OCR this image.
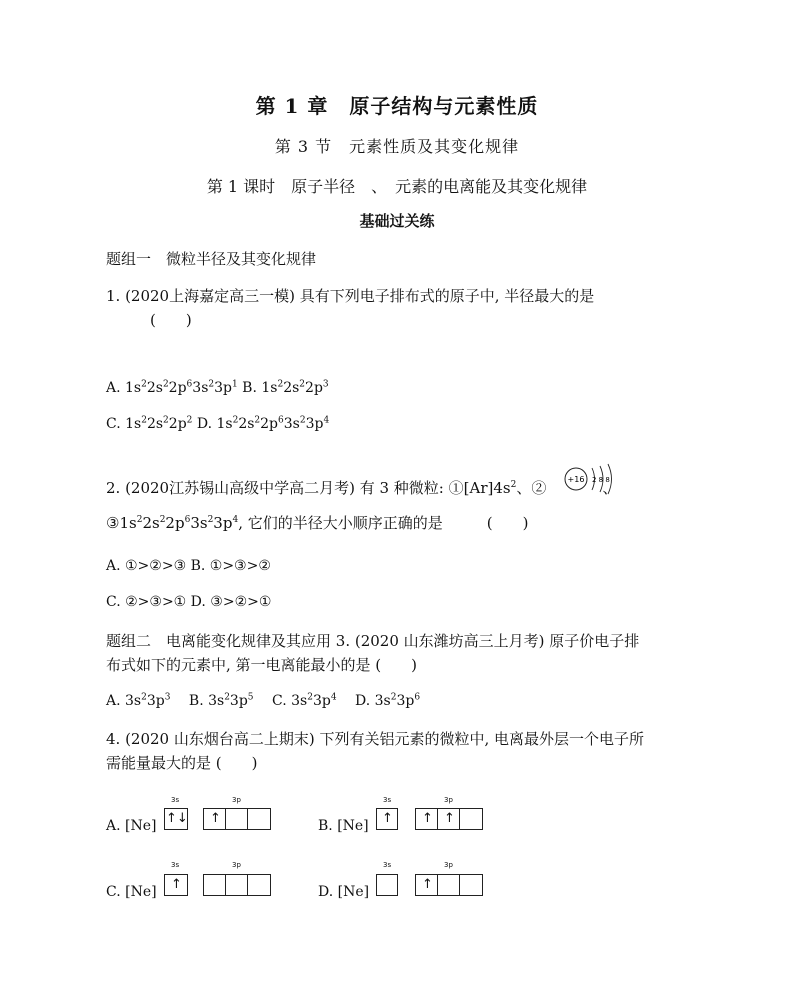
第 1 章　原子结构与元素性质
第 3 节　元素性质及其变化规律
第 1 课时　原子半径　、　元素的电离能及其变化规律
基础过关练
题组一　微粒半径及其变化规律
1. (2020上海嘉定高三一模) 具有下列电子排布式的原子中, 半径最大的是
(　　)
A. $1s^22s^22p^63s^23p^1$ B. $1s^22s^22p^3$
C. $1s^22s^22p^2$ D. $1s^22s^22p^63s^23p^4$
2. (2020江苏锡山高级中学高二月考) 有 3 种微粒: $①[Ar]4s^2$、②	、
+16 2 8 8
$③1s^22s^22p^63s^23p^4$, 它们的半径大小顺序正确的是	(　　)
A. ①>②>③ B. ①>③>②
C. ②>③>① D. ③>②>①
题组二　电离能变化规律及其应用 3. (2020 山东潍坊高三上月考) 原子价电子排
布式如下的元素中, 第一电离能最小的是 (　　)
A. $3s^23p^3$　 B. $3s^23p^5$　 C. $3s^23p^4$　 D. $3s^23p^6$
4. (2020 山东烟台高二上期末) 下列有关铝元素的微粒中, 电离最外层一个电子所
需能量最大的是 (　　)
A. [Ne]
3s	3p
↑↓ ↑	B. [Ne]
3s	3p
↑ ↑ ↑
C. [Ne]
3s	3p
↑	D. [Ne]
3s	3p
↑
